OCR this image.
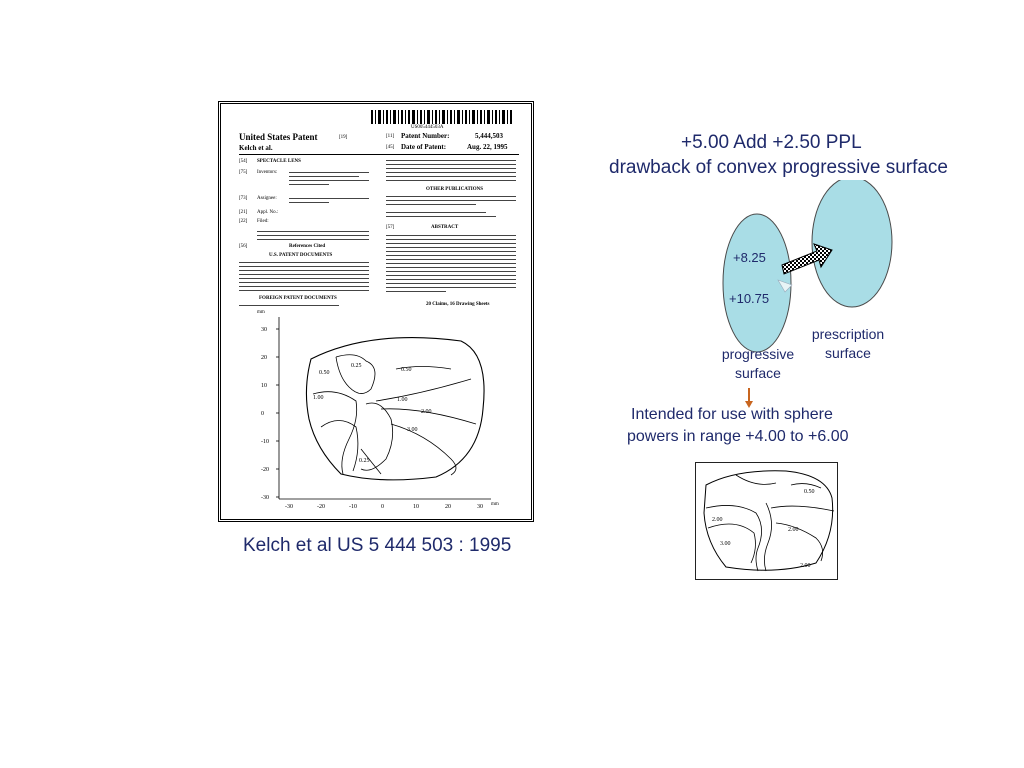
US005444503A
United States Patent	[19]
Kelch et al.
[11] Patent Number:	5,444,503
[45] Date of Patent:	Aug. 22, 1995
[54] SPECTACLE LENS
[75] Inventors:
[73] Assignee:
[21] Appl. No.:
[22] Filed:
[56]	References Cited
U.S. PATENT DOCUMENTS
FOREIGN PATENT DOCUMENTS
OTHER PUBLICATIONS
[57]	ABSTRACT
20 Claims, 16 Drawing Sheets
mm
mm
30
20
10
0
-10
-20
-30
-30	-20	-10	0	10	20	30
0.25
0.50	0.50
1.00	1.00
2.00
3.00
0.25
Kelch et al US 5 444 503 : 1995
+5.00 Add +2.50 PPL
drawback of convex progressive surface
+8.25
+10.75
progressive
surface
prescription
surface
Intended for use with sphere
powers in range +4.00 to +6.00
0.50
2.00
2.00
3.00
2.00
